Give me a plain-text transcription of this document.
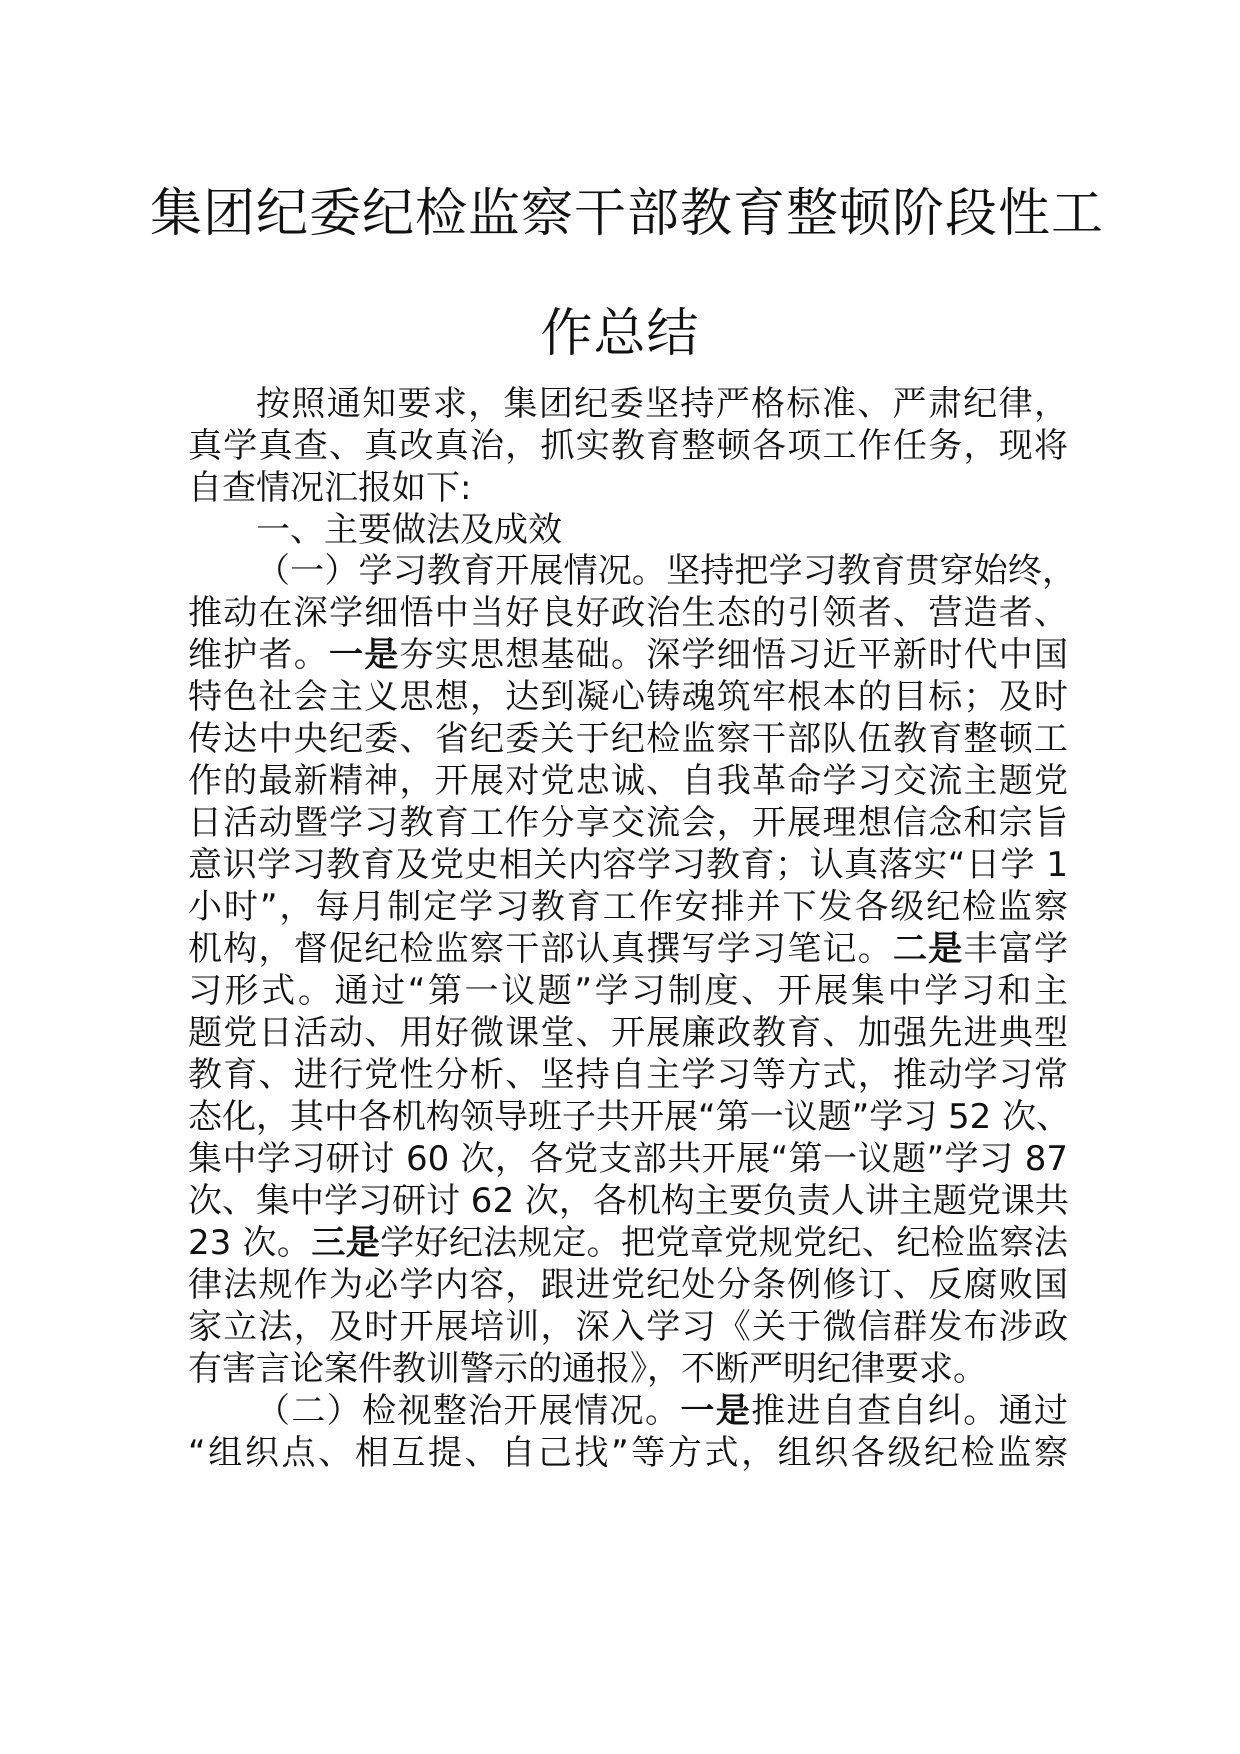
集团纪委纪检监察干部教育整顿阶段性工
作总结
按照通知要求，集团纪委坚持严格标准、严肃纪律，
真学真查、真改真治，抓实教育整顿各项工作任务，现将
自查情况汇报如下:
一、主要做法及成效
（一）学习教育开展情况。坚持把学习教育贯穿始终，
推动在深学细悟中当好良好政治生态的引领者、营造者、
维护者。一是夯实思想基础。深学细悟习近平新时代中国
特色社会主义思想，达到凝心铸魂筑牢根本的目标；及时
传达中央纪委、省纪委关于纪检监察干部队伍教育整顿工
作的最新精神，开展对党忠诚、自我革命学习交流主题党
日活动暨学习教育工作分享交流会，开展理想信念和宗旨
意识学习教育及党史相关内容学习教育；认真落实“日学 1
小时”，每月制定学习教育工作安排并下发各级纪检监察
机构，督促纪检监察干部认真撰写学习笔记。二是丰富学
习形式。通过“第一议题”学习制度、开展集中学习和主
题党日活动、用好微课堂、开展廉政教育、加强先进典型
教育、进行党性分析、坚持自主学习等方式，推动学习常
态化，其中各机构领导班子共开展“第一议题”学习 52 次、
集中学习研讨 60 次，各党支部共开展“第一议题”学习 87
次、集中学习研讨 62 次，各机构主要负责人讲主题党课共
23 次。三是学好纪法规定。把党章党规党纪、纪检监察法
律法规作为必学内容，跟进党纪处分条例修订、反腐败国
家立法，及时开展培训，深入学习《关于微信群发布涉政
有害言论案件教训警示的通报》，不断严明纪律要求。
（二）检视整治开展情况。一是推进自查自纠。通过
“组织点、相互提、自己找”等方式，组织各级纪检监察
